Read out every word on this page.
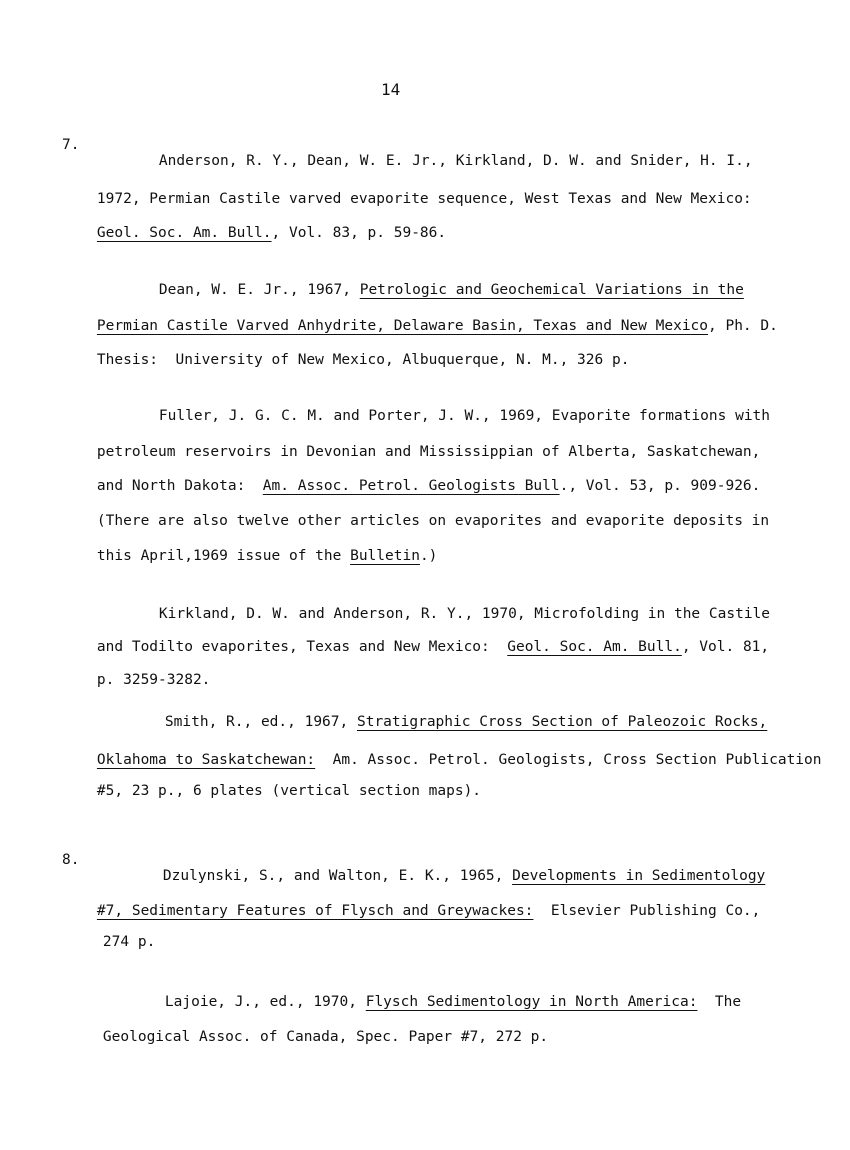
14
7.

Anderson, R. Y., Dean, W. E. Jr., Kirkland, D. W. and Snider, H. I.,

1972, Permian Castile varved evaporite sequence, West Texas and New Mexico:

Geol. Soc. Am. Bull., Vol. 83, p. 59-86.

Dean, W. E. Jr., 1967, Petrologic and Geochemical Variations in the

Permian Castile Varved Anhydrite, Delaware Basin, Texas and New Mexico, Ph. D.

Thesis:  University of New Mexico, Albuquerque, N. M., 326 p.

Fuller, J. G. C. M. and Porter, J. W., 1969, Evaporite formations with

petroleum reservoirs in Devonian and Mississippian of Alberta, Saskatchewan,

and North Dakota:  Am. Assoc. Petrol. Geologists Bull., Vol. 53, p. 909-926.

(There are also twelve other articles on evaporites and evaporite deposits in

this April,1969 issue of the Bulletin.)

Kirkland, D. W. and Anderson, R. Y., 1970, Microfolding in the Castile

and Todilto evaporites, Texas and New Mexico:  Geol. Soc. Am. Bull., Vol. 81,

p. 3259-3282.

Smith, R., ed., 1967, Stratigraphic Cross Section of Paleozoic Rocks,

Oklahoma to Saskatchewan:  Am. Assoc. Petrol. Geologists, Cross Section Publication

#5, 23 p., 6 plates (vertical section maps).

8.

Dzulynski, S., and Walton, E. K., 1965, Developments in Sedimentology

#7, Sedimentary Features of Flysch and Greywackes:  Elsevier Publishing Co.,

274 p.

Lajoie, J., ed., 1970, Flysch Sedimentology in North America:  The

Geological Assoc. of Canada, Spec. Paper #7, 272 p.
